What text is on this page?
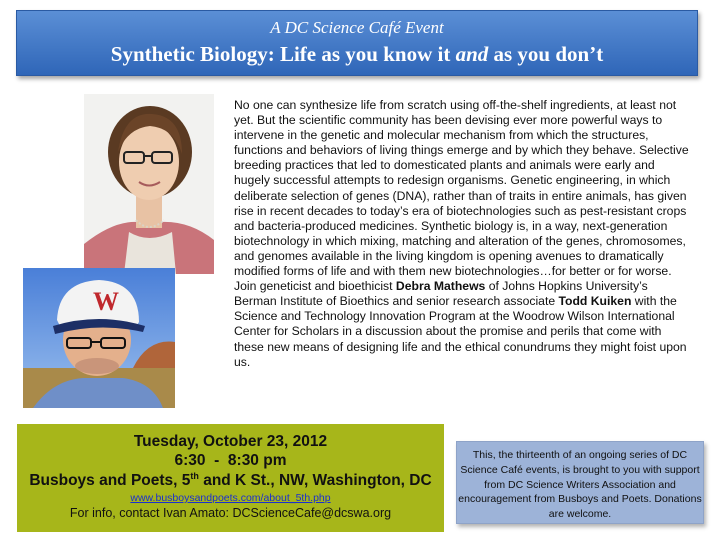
A DC Science Café Event
Synthetic Biology: Life as you know it and as you don’t
W
No one can synthesize life from scratch using off-the-shelf ingredients, at least not yet. But the scientific community has been devising ever more powerful ways to intervene in the genetic and molecular mechanism from which the structures, functions and behaviors of living things emerge and by which they behave. Selective breeding practices that led to domesticated plants and animals were early and hugely successful attempts to redesign organisms. Genetic engineering, in which deliberate selection of genes (DNA), rather than of traits in entire animals, has given rise in recent decades to today’s era of biotechnologies such as pest-resistant crops and bacteria-produced medicines. Synthetic biology is, in a way, next-generation biotechnology in which mixing, matching and alteration of the genes, chromosomes, and genomes available in the living kingdom is opening avenues to dramatically modified forms of life and with them new biotechnologies…for better or for worse. Join geneticist and bioethicist Debra Mathews of Johns Hopkins University’s Berman Institute of Bioethics and senior research associate Todd Kuiken with the Science and Technology Innovation Program at the Woodrow Wilson International Center for Scholars in a discussion about the promise and perils that come with these new means of designing life and the ethical conundrums they might foist upon us.
Tuesday, October 23, 2012
6:30  -  8:30 pm
Busboys and Poets, 5th and K St., NW, Washington, DC
www.busboysandpoets.com/about_5th.php
For info, contact Ivan Amato: DCScienceCafe@dcswa.org
This, the thirteenth of an ongoing series of DC Science Café events, is brought to you with support from DC Science Writers Association and encouragement from Busboys and Poets. Donations are welcome.
